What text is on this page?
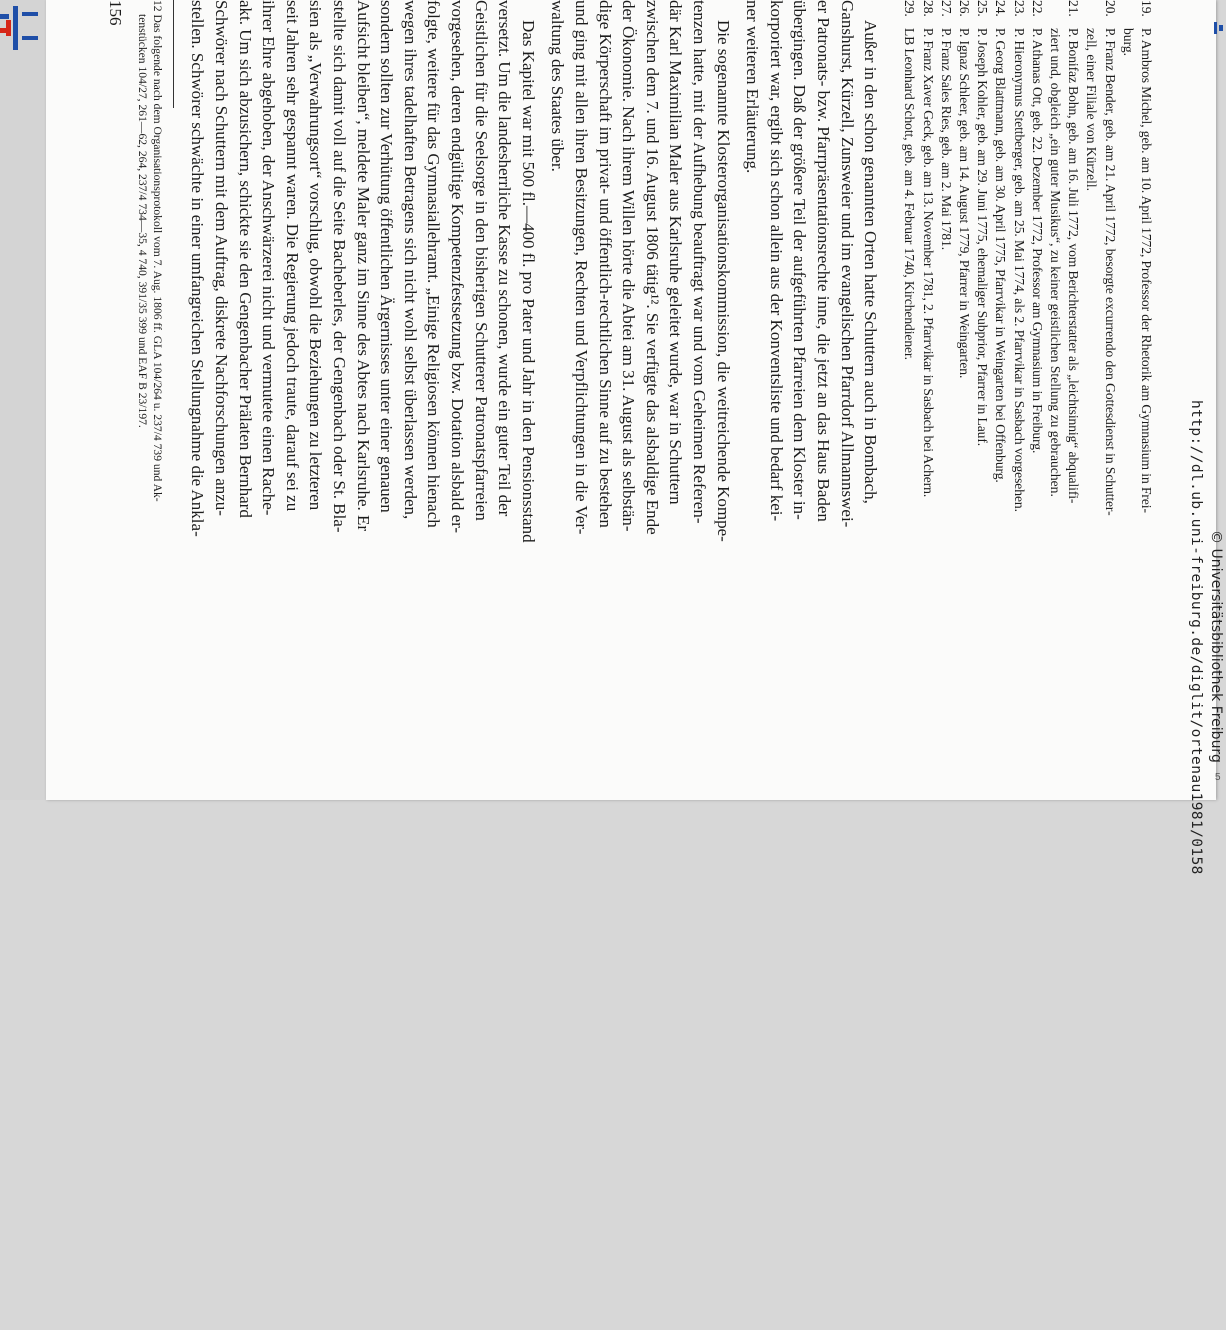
19.P. Ambros Michel, geb. am 10. April 1772, Professor der Rhetorik am Gymnasium in Frei-
burg.
20.P. Franz Bender, geb. am 21. April 1772, besorgte excurrendo den Gottesdienst in Schutter-
zell, einer Filiale von Kürzell.
21.P. Bonifaz Bohn, geb. am 16. Juli 1772, vom Berichterstatter als „leichtsinnig“ abqualifi-
ziert und, obgleich „ein guter Musikus“, zu keiner geistlichen Stellung zu gebrauchen.
22.P. Athanas Ott, geb. 22. Dezember 1772, Professor am Gymnasium in Freiburg.
23.P. Hieronymus Stettberger, geb. am 25. Mai 1774, als 2. Pfarrvikar in Sasbach vorgesehen.
24.P. Georg Blattmann, geb. am 30. April 1775, Pfarrvikar in Weingarten bei Offenburg.
25.P. Joseph Kohler, geb. am 29. Juni 1775, ehemaliger Subprior, Pfarrer in Lauf.
26.P. Ignaz Schleer, geb. am 14. August 1779, Pfarrer in Weingarten.
27.P. Franz Sales Ries, geb. am 2. Mai 1781.
28.P. Franz Xaver Geck, geb. am 13. November 1781, 2. Pfarrvikar in Sasbach bei Achern.
29.LB Leonhard Schott, geb. am 4. Februar 1740, Kirchendiener.
Außer in den schon genannten Orten hatte Schuttern auch in Bombach,
Ganshurst, Kürzell, Zunsweier und im evangelischen Pfarrdorf Allmannswei-
er Patronats- bzw. Pfarrpräsentationsrechte inne, die jetzt an das Haus Baden
übergingen. Daß der größere Teil der aufgeführten Pfarreien dem Kloster in-
korporiert war, ergibt sich schon allein aus der Konventsliste und bedarf kei-
ner weiteren Erläuterung.
Die sogenannte Klosterorganisationskommission, die weitreichende Kompe-
tenzen hatte, mit der Aufhebung beauftragt war und vom Geheimen Referen-
där Karl Maximilian Maler aus Karlsruhe geleitet wurde, war in Schuttern
zwischen dem 7. und 16. August 1806 tätig¹². Sie verfügte das alsbaldige Ende
der Ökonomie. Nach ihrem Willen hörte die Abtei am 31. August als selbstän-
dige Körperschaft im privat- und öffentlich-rechtlichen Sinne auf zu bestehen
und ging mit allen ihren Besitzungen, Rechten und Verpflichtungen in die Ver-
waltung des Staates über.
Das Kapitel war mit 500 fl.—400 fl. pro Pater und Jahr in den Pensionsstand
versetzt. Um die landesherrliche Kasse zu schonen, wurde ein guter Teil der
Geistlichen für die Seelsorge in den bisherigen Schutterer Patronatspfarreien
vorgesehen, deren endgültige Kompetenzfestsetzung bzw. Dotation alsbald er-
folgte, weitere für das Gymnasiallehramt. „Einige Religiosen können hienach
wegen ihres tadelhaften Betragens sich nicht wohl selbst überlassen werden,
sondern sollten zur Verhütung öffentlichen Ärgernisses unter einer genauen
Aufsicht bleiben“, meldete Maler ganz im Sinne des Abtes nach Karlsruhe. Er
stellte sich damit voll auf die Seite Bacheberles, der Gengenbach oder St. Bla-
sien als „Verwahrungsort“ vorschlug, obwohl die Beziehungen zu letzteren
seit Jahren sehr gespannt waren. Die Regierung jedoch traute, darauf sei zu
ihrer Ehre abgehoben, der Anschwärzerei nicht und vermutete einen Rache-
akt. Um sich abzusichern, schickte sie den Gengenbacher Prälaten Bernhard
Schwörer nach Schuttern mit dem Auftrag, diskrete Nachforschungen anzu-
stellen. Schwörer schwächte in einer umfangreichen Stellungnahme die Ankla-
12 Das folgende nach dem Organisationsprotokoll vom 7. Aug. 1806 ff. GLA 104/264 u. 237/4 739 und Ak-
tenstücken 104/27, 261—62, 264, 237/4 734—35, 4 740, 391/35 399 und EAF B 23/197.
156
5
http://dl.ub.uni-freiburg.de/diglit/ortenau1981/0158 © Universitätsbibliothek Freiburg
